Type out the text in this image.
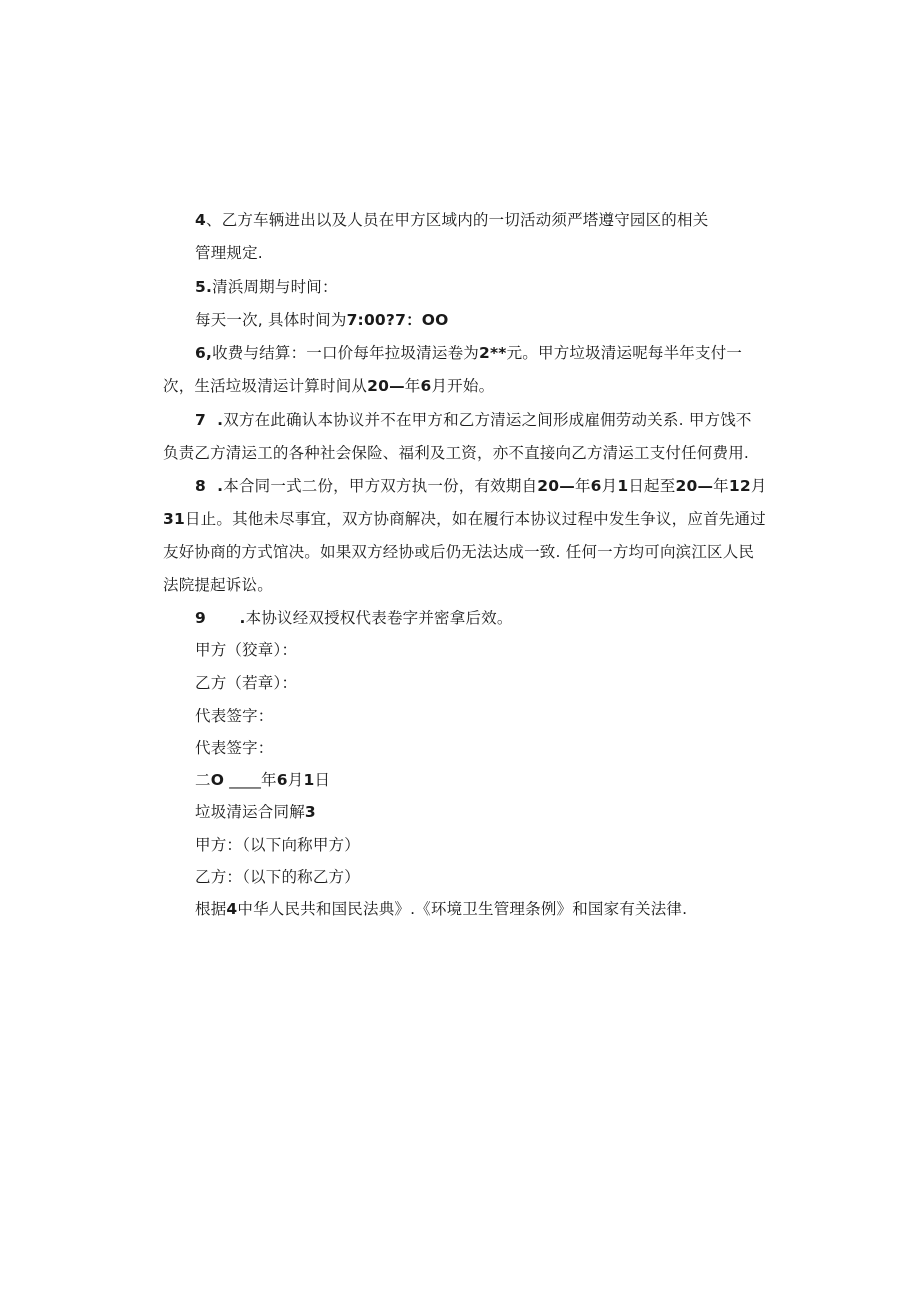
4、乙方车辆进出以及人员在甲方区域内的一切活动须严塔遵守园区的相关
管理规定.
5.清浜周期与时间：
每天一次, 具体时间为7:00?7：OO
6,收费与结算：一口价每年拉圾清运卷为2**元。甲方垃圾清运呢每半年支付一
次，生活垃圾清运计算时间从20—年6月开始。
7  .双方在此确认本协议并不在甲方和乙方清运之间形成雇佣劳动关系. 甲方饯不
负责乙方清运工的各种社会保险、福利及工资，亦不直接向乙方清运工支付任何费用.
8  .本合同一式二份，甲方双方执一份，有效期自20—年6月1日起至20—年12月
31日止。其他未尽事宜，双方协商解决，如在履行本协议过程中发生争议，应首先通过
友好协商的方式馆决。如果双方经协或后仍无法达成一致. 任何一方均可向滨江区人民
法院提起诉讼。
9      .本协议经双授权代表卷字并密拿后效。
甲方（狡章）：
乙方（若章）：
代表签字：
代表签字：
二O ____年6月1日
垃圾清运合同解3
甲方：（以下向称甲方）
乙方：（以下的称乙方）
根据4中华人民共和国民法典》.《环境卫生管理条例》和国家有关法律.
